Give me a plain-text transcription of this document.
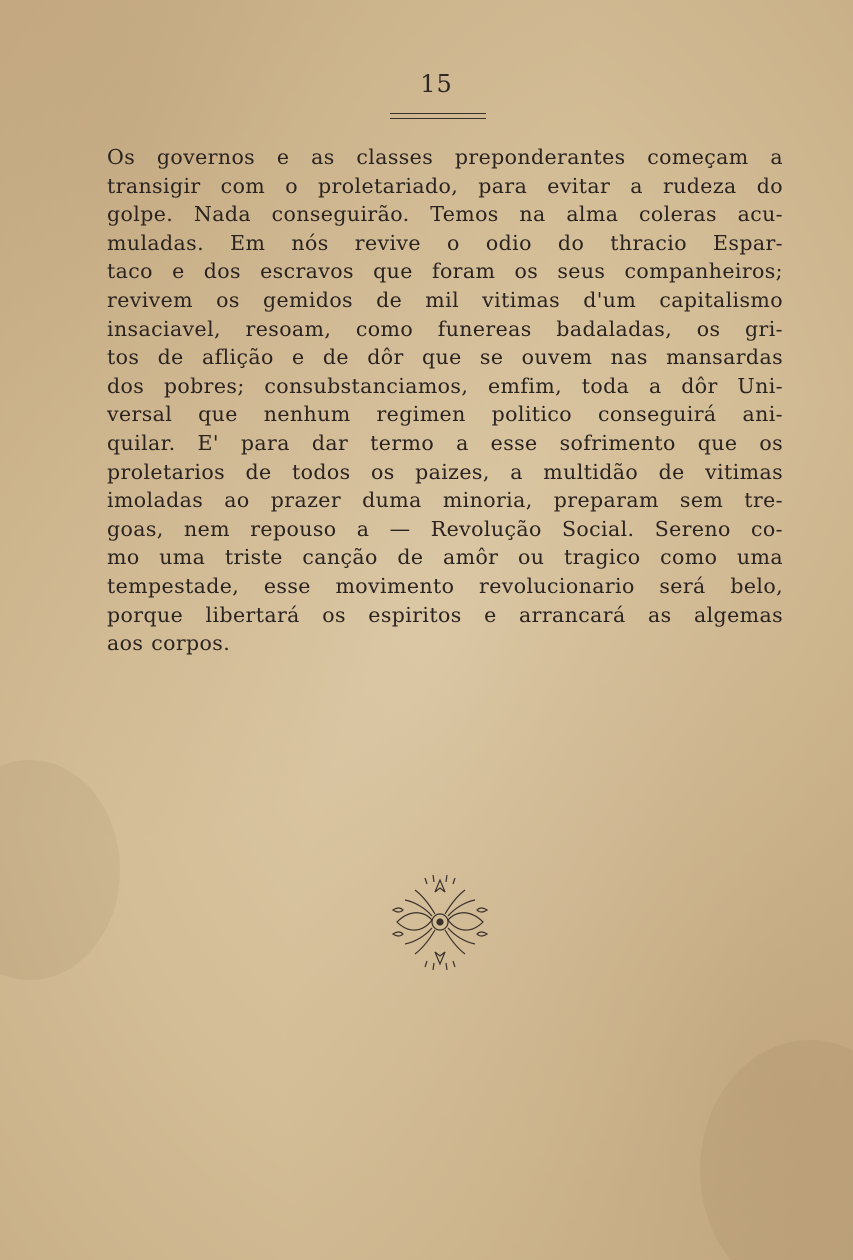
15
Os governos e as classes preponderantes começam a
transigir com o proletariado, para evitar a rudeza do
golpe. Nada conseguirão. Temos na alma coleras acu-
muladas. Em nós revive o odio do thracio Espar-
taco e dos escravos que foram os seus companheiros;
revivem os gemidos de mil vitimas d'um capitalismo
insaciavel, resoam, como funereas badaladas, os gri-
tos de aflição e de dôr que se ouvem nas mansardas
dos pobres; consubstanciamos, emfim, toda a dôr Uni-
versal que nenhum regimen politico conseguirá ani-
quilar. E' para dar termo a esse sofrimento que os
proletarios de todos os paizes, a multidão de vitimas
imoladas ao prazer duma minoria, preparam sem tre-
goas, nem repouso a — Revolução Social. Sereno co-
mo uma triste canção de amôr ou tragico como uma
tempestade, esse movimento revolucionario será belo,
porque libertará os espiritos e arrancará as algemas
aos corpos.
